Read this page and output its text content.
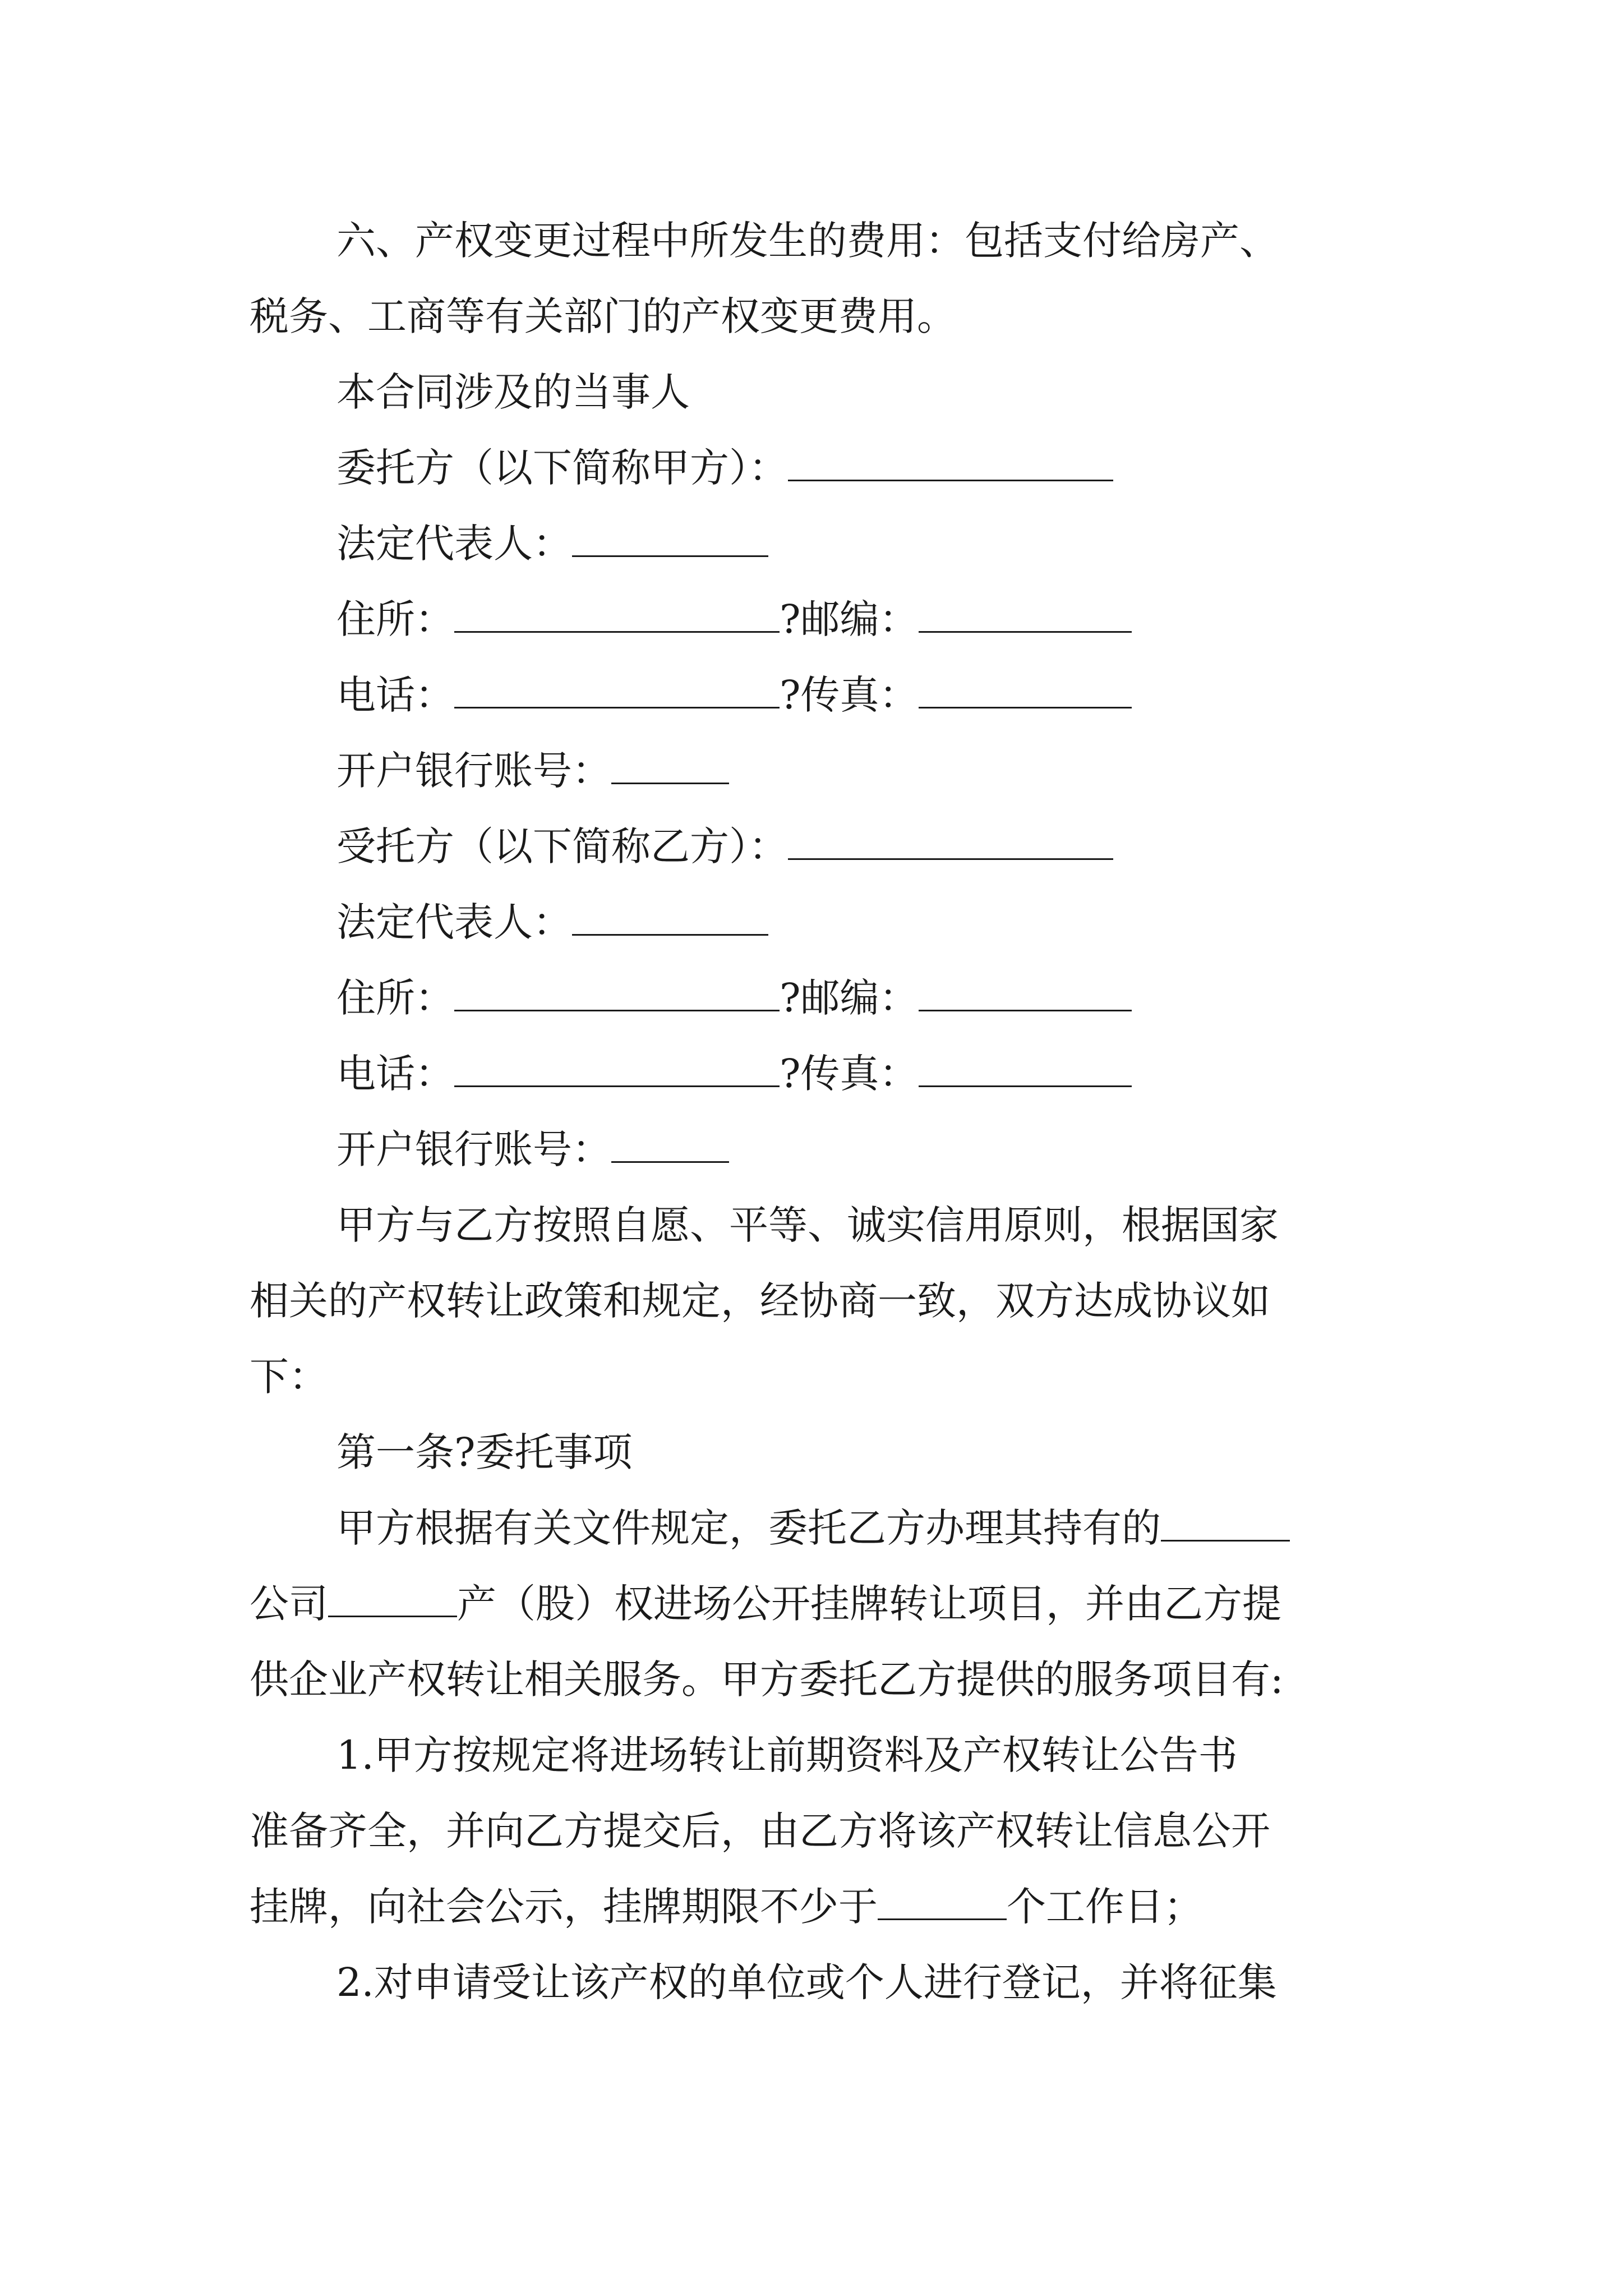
六、产权变更过程中所发生的费用：包括支付给房产、
税务、工商等有关部门的产权变更费用。
本合同涉及的当事人
委托方（以下简称甲方）：
法定代表人：
住所：	?邮编：
电话：	?传真：
开户银行账号：
受托方（以下简称乙方）：
法定代表人：
住所：	?邮编：
电话：	?传真：
开户银行账号：
甲方与乙方按照自愿、平等、诚实信用原则，根据国家
相关的产权转让政策和规定，经协商一致，双方达成协议如
下：
第一条?委托事项
甲方根据有关文件规定，委托乙方办理其持有的
公司	产（股）权进场公开挂牌转让项目，并由乙方提
供企业产权转让相关服务。甲方委托乙方提供的服务项目有:
1.甲方按规定将进场转让前期资料及产权转让公告书
准备齐全，并向乙方提交后，由乙方将该产权转让信息公开
挂牌，向社会公示，挂牌期限不少于	个工作日；
2.对申请受让该产权的单位或个人进行登记，并将征集
